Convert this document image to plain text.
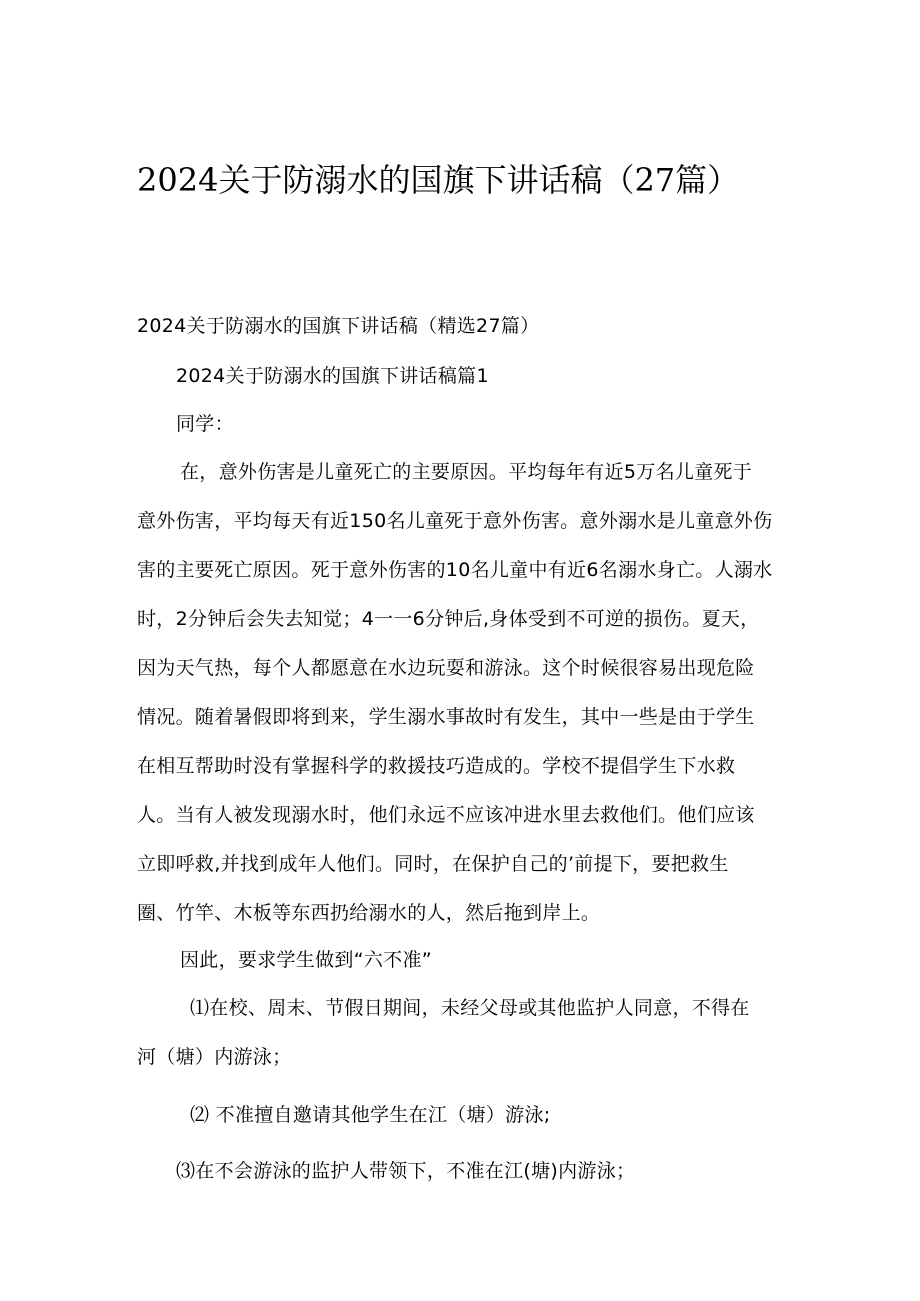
2024关于防溺水的国旗下讲话稿（27篇）
2024关于防溺水的国旗下讲话稿（精选27篇）
2024关于防溺水的国旗下讲话稿篇1
同学：
在，意外伤害是儿童死亡的主要原因。平均每年有近5万名儿童死于
意外伤害，平均每天有近150名儿童死于意外伤害。意外溺水是儿童意外伤
害的主要死亡原因。死于意外伤害的10名儿童中有近6名溺水身亡。人溺水
时，2分钟后会失去知觉；4一一6分钟后,身体受到不可逆的损伤。夏天，
因为天气热，每个人都愿意在水边玩耍和游泳。这个时候很容易出现危险
情况。随着暑假即将到来，学生溺水事故时有发生，其中一些是由于学生
在相互帮助时没有掌握科学的救援技巧造成的。学校不提倡学生下水救
人。当有人被发现溺水时，他们永远不应该冲进水里去救他们。他们应该
立即呼救,并找到成年人他们。同时，在保护自己的’前提下，要把救生
圈、竹竿、木板等东西扔给溺水的人，然后拖到岸上。
因此，要求学生做到“六不准”
⑴在校、周末、节假日期间，未经父母或其他监护人同意，不得在
河（塘）内游泳；
⑵ 不准擅自邀请其他学生在江（塘）游泳;
⑶在不会游泳的监护人带领下，不准在江(塘)内游泳；
